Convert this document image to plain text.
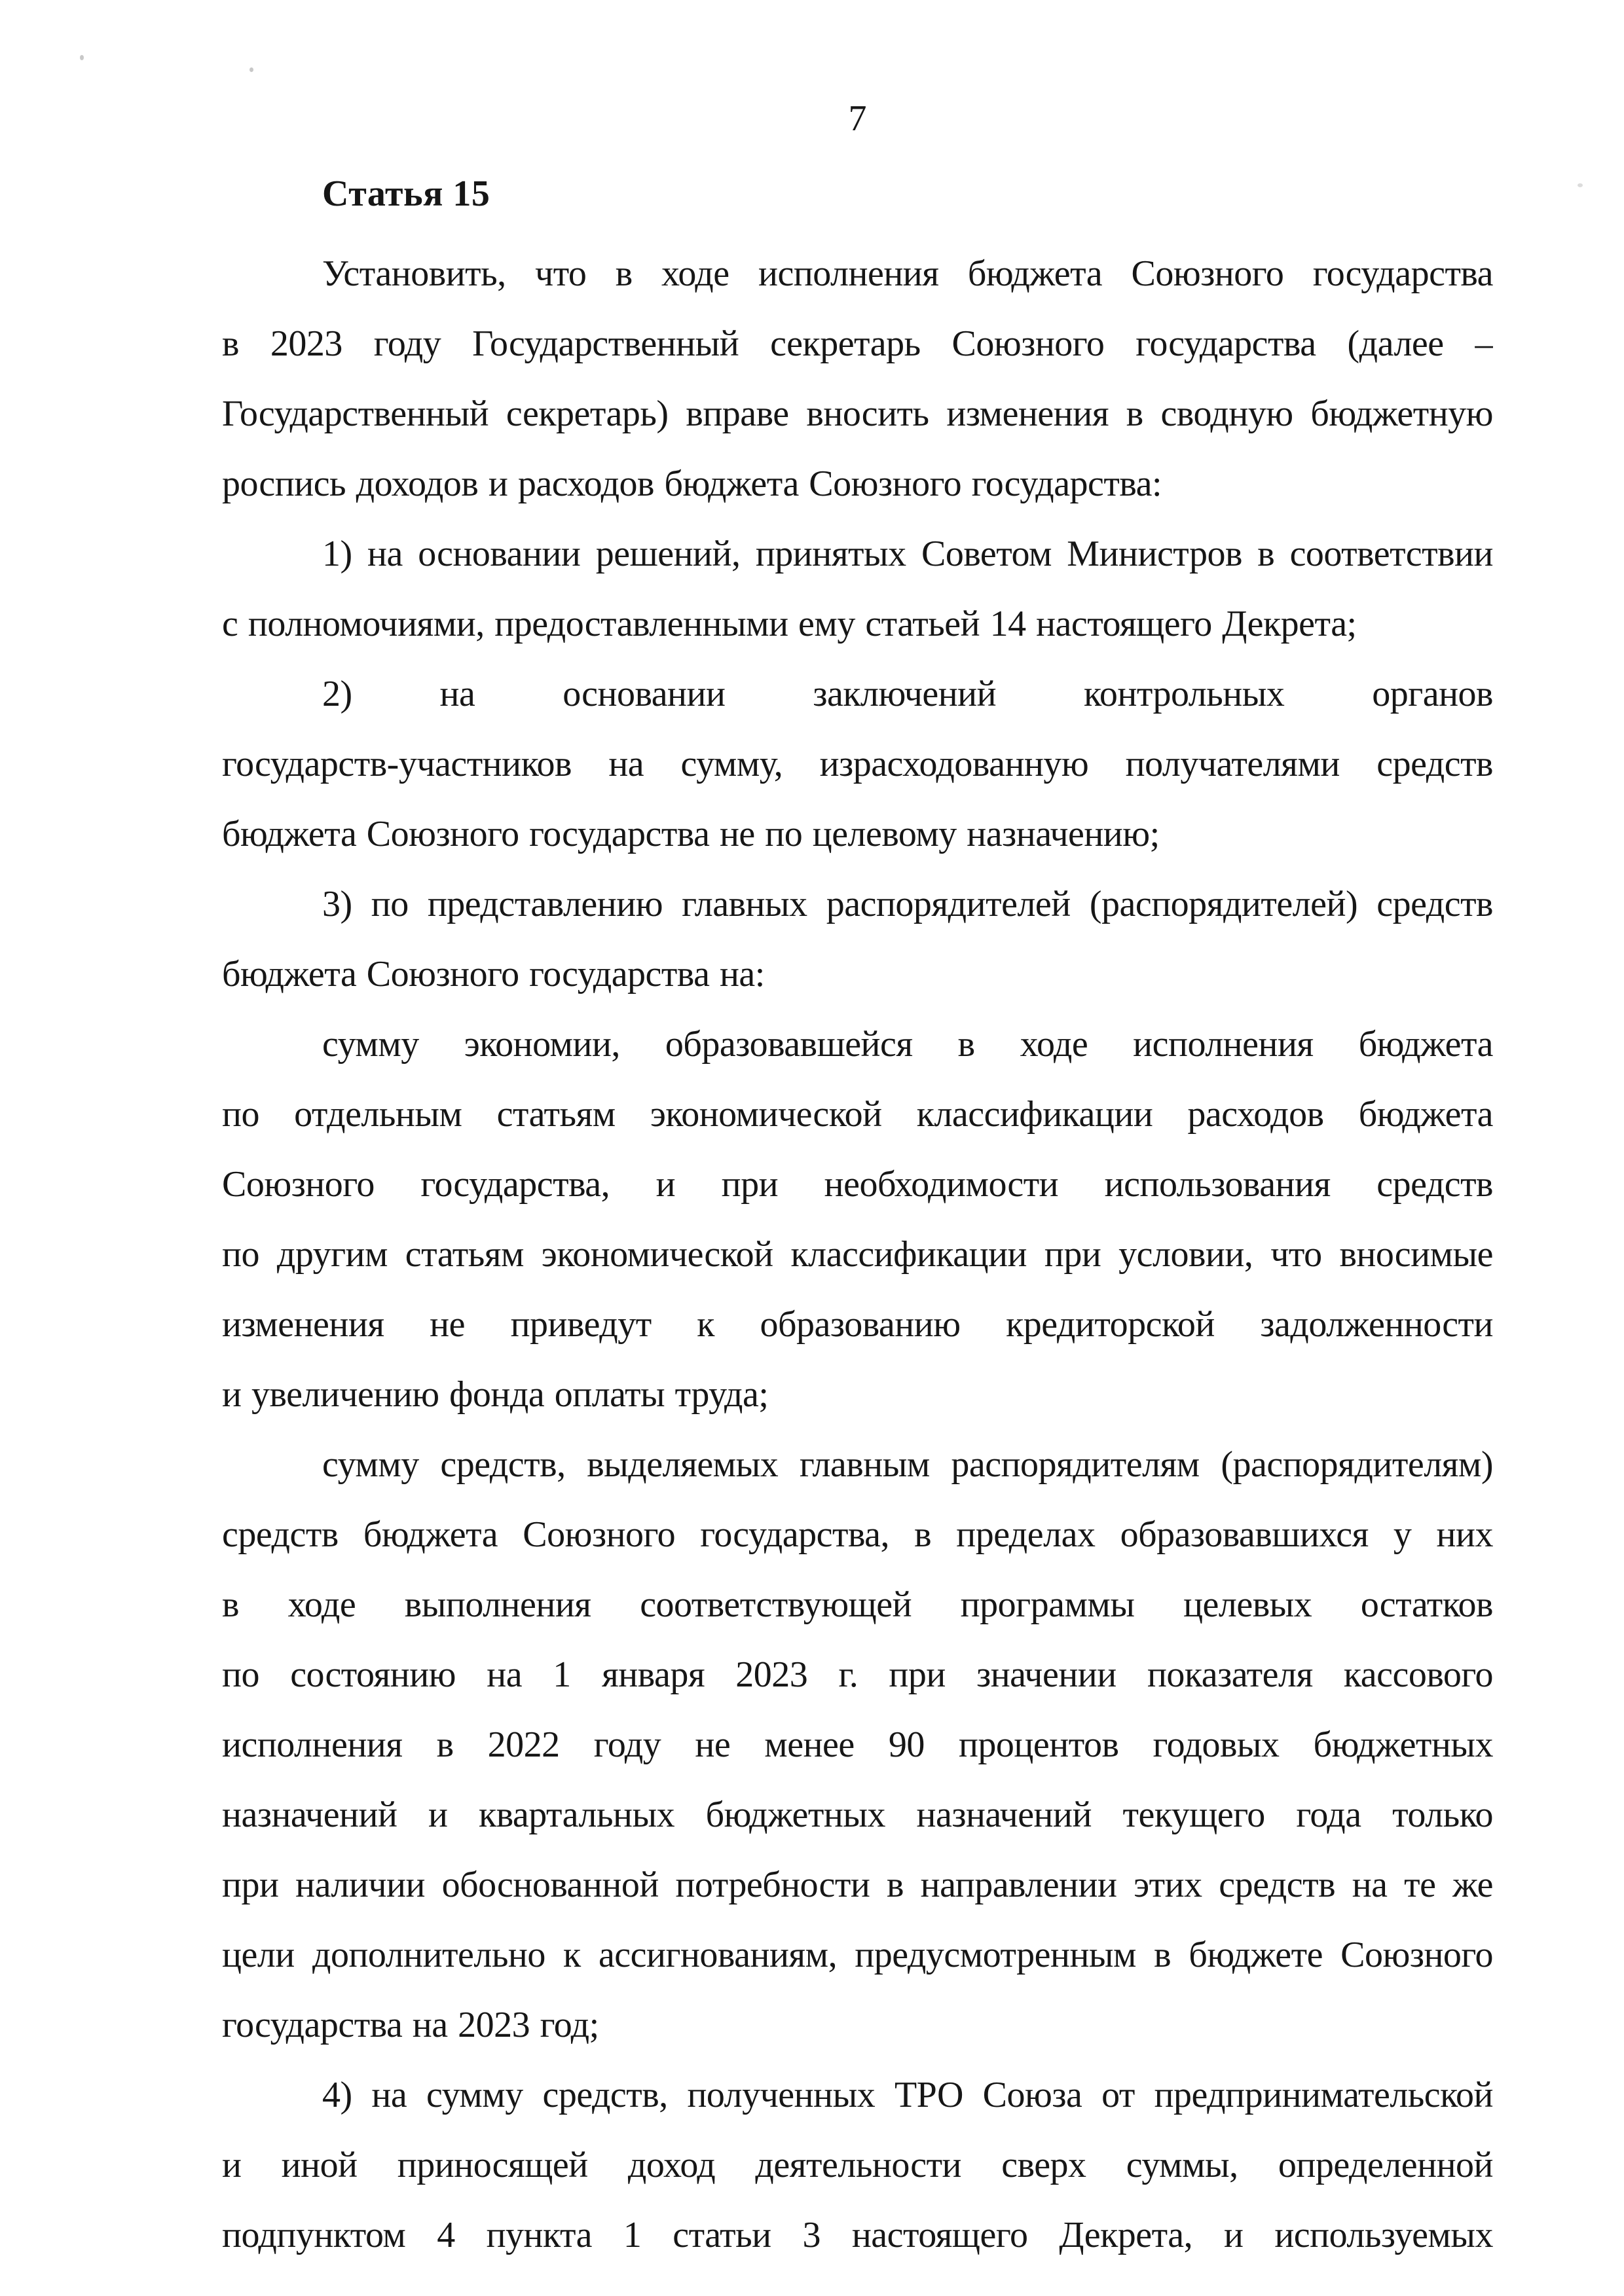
7
Статья 15
Установить, что в ходе исполнения бюджета Союзного государства
в 2023 году Государственный секретарь Союзного государства (далее –
Государственный секретарь) вправе вносить изменения в сводную бюджетную
роспись доходов и расходов бюджета Союзного государства:
1) на основании решений, принятых Советом Министров в соответствии
с полномочиями, предоставленными ему статьей 14 настоящего Декрета;
2) на основании заключений контрольных органов
государств-участников на сумму, израсходованную получателями средств
бюджета Союзного государства не по целевому назначению;
3) по представлению главных распорядителей (распорядителей) средств
бюджета Союзного государства на:
сумму экономии, образовавшейся в ходе исполнения бюджета
по отдельным статьям экономической классификации расходов бюджета
Союзного государства, и при необходимости использования средств
по другим статьям экономической классификации при условии, что вносимые
изменения не приведут к образованию кредиторской задолженности
и увеличению фонда оплаты труда;
сумму средств, выделяемых главным распорядителям (распорядителям)
средств бюджета Союзного государства, в пределах образовавшихся у них
в ходе выполнения соответствующей программы целевых остатков
по состоянию на 1 января 2023 г. при значении показателя кассового
исполнения в 2022 году не менее 90 процентов годовых бюджетных
назначений и квартальных бюджетных назначений текущего года только
при наличии обоснованной потребности в направлении этих средств на те же
цели дополнительно к ассигнованиям, предусмотренным в бюджете Союзного
государства на 2023 год;
4) на сумму средств, полученных ТРО Союза от предпринимательской
и иной приносящей доход деятельности сверх суммы, определенной
подпунктом 4 пункта 1 статьи 3 настоящего Декрета, и используемых
